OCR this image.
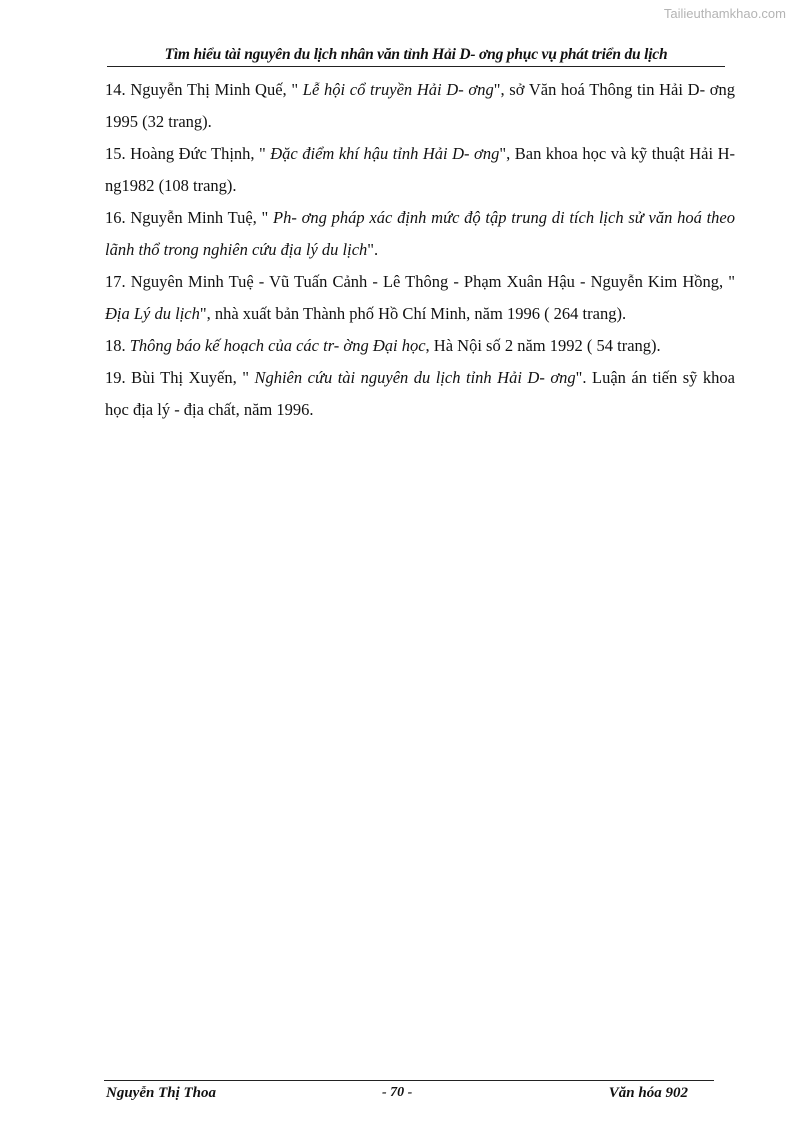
Tailieuthamkhao.com
Tìm hiểu tài nguyên du lịch nhân văn tỉnh Hải D- ơng phục vụ phát triển du lịch

14. Nguyễn Thị Minh Quế, " Lễ hội cổ truyền Hải D- ơng", sở Văn hoá Thông tin Hải D- ơng 1995 (32 trang).

15. Hoàng Đức Thịnh, " Đặc điểm khí hậu tỉnh Hải D- ơng", Ban khoa học và kỹ thuật Hải H- ng1982 (108 trang).

16. Nguyễn Minh Tuệ, " Ph- ơng pháp xác định mức độ tập trung di tích lịch sử văn hoá theo lãnh thổ trong nghiên cứu địa lý du lịch".

17. Nguyên Minh Tuệ - Vũ Tuấn Cảnh - Lê Thông - Phạm Xuân Hậu - Nguyễn Kim Hồng, " Địa Lý du lịch", nhà xuất bản Thành phố Hồ Chí Minh, năm 1996 ( 264 trang).

18. Thông báo kế hoạch của các tr- ờng Đại học, Hà Nội số 2 năm 1992 ( 54 trang).

19. Bùi Thị Xuyến, " Nghiên cứu tài nguyên du lịch tỉnh Hải D- ơng". Luận án tiến sỹ khoa học địa lý - địa chất, năm 1996.

Nguyễn Thị Thoa	- 70 -	Văn hóa 902
